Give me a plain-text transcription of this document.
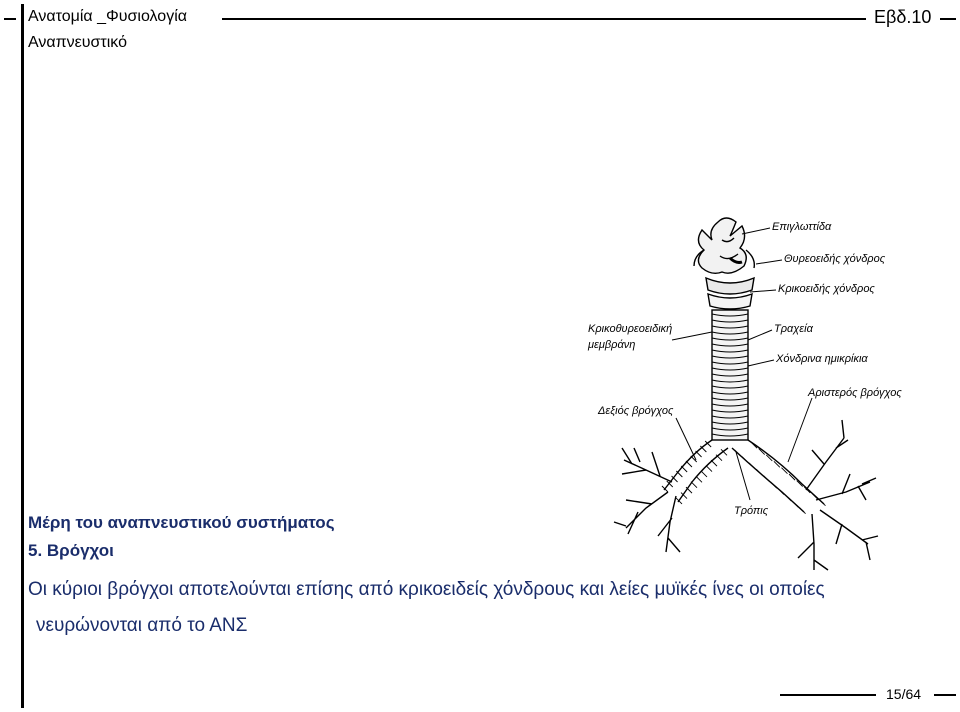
Ανατομία _Φυσιολογία
Αναπνευστικό
Εβδ.10
Επιγλωττίδα
Θυρεοειδής χόνδρος
Κρικοειδής χόνδρος
Κρικοθυρεοειδική
μεμβράνη
Τραχεία
Χόνδρινα ημικρίκια
Αριστερός βρόγχος
Δεξιός βρόγχος
Τρόπις
Μέρη του αναπνευστικού συστήματος
5. Βρόγχοι
Οι κύριοι βρόγχοι αποτελούνται επίσης από κρικοειδείς χόνδρους και λείες μυϊκές ίνες οι οποίες
νευρώνονται από το ΑΝΣ
15/64
